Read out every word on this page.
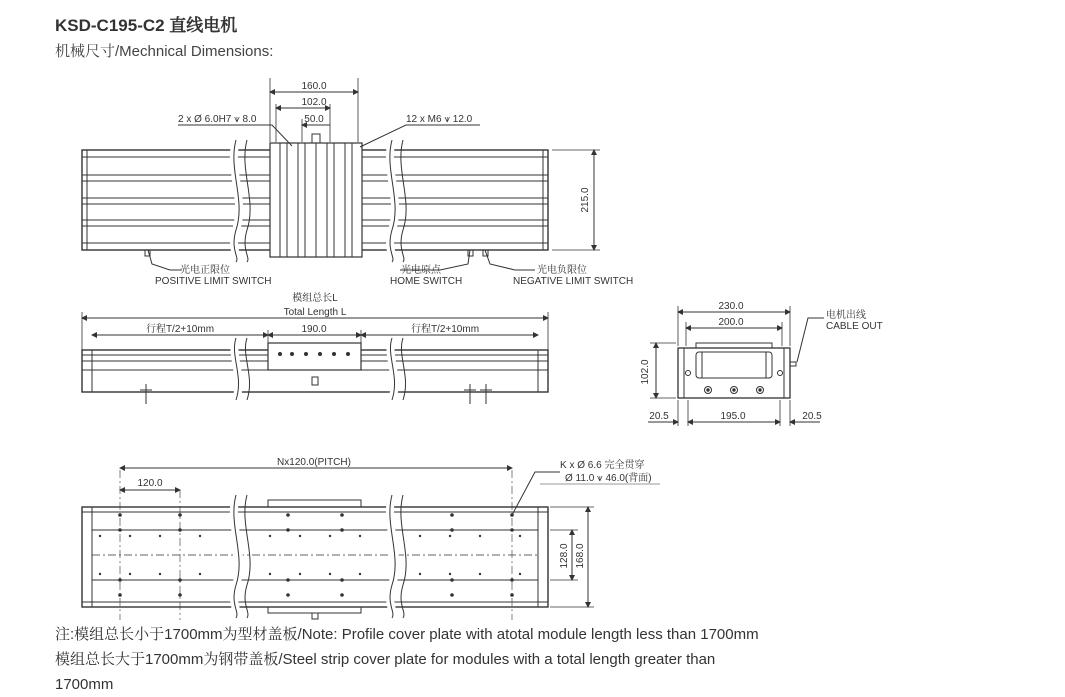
KSD-C195-C2 直线电机
机械尺寸/Mechnical Dimensions:
160.0
102.0
50.0
2 x Ø 6.0H7 ⩛ 8.0	12 x M6 ⩛ 12.0
215.0
光电正限位
POSITIVE LIMIT SWITCH
光电原点
HOME SWITCH
光电负限位
NEGATIVE LIMIT SWITCH
模组总长L
Total Length L
行程T/2+10mm	190.0	行程T/2+10mm
230.0
200.0
102.0
20.5	195.0	20.5
电机出线
CABLE OUT
Nx120.0(PITCH)
120.0
K x Ø 6.6 完全贯穿
Ø 11.0 ⩛ 46.0(背面)
128.0 168.0
注:模组总长小于1700mm为型材盖板/Note: Profile cover plate with atotal module length less than 1700mm
模组总长大于1700mm为钢带盖板/Steel strip cover plate for modules with a total length greater than
1700mm
